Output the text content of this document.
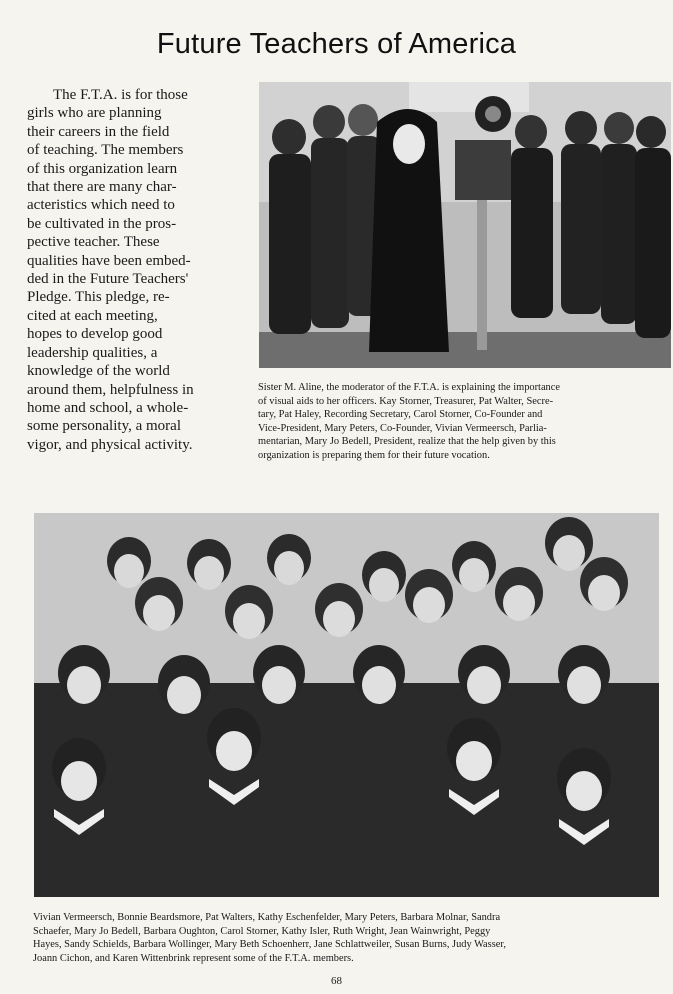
Future Teachers of America
The F.T.A. is for those
girls who are planning
their careers in the field
of teaching. The members
of this organization learn
that there are many char-
acteristics which need to
be cultivated in the pros-
pective teacher. These
qualities have been embed-
ded in the Future Teachers'
Pledge. This pledge, re-
cited at each meeting,
hopes to develop good
leadership qualities, a
knowledge of the world
around them, helpfulness in
home and school, a whole-
some personality, a moral
vigor, and physical activity.
Sister M. Aline, the moderator of the F.T.A. is explaining the importance
of visual aids to her officers. Kay Storner, Treasurer, Pat Walter, Secre-
tary, Pat Haley, Recording Secretary, Carol Storner, Co-Founder and
Vice-President, Mary Peters, Co-Founder, Vivian Vermeersch, Parlia-
mentarian, Mary Jo Bedell, President, realize that the help given by this
organization is preparing them for their future vocation.
Vivian Vermeersch, Bonnie Beardsmore, Pat Walters, Kathy Eschenfelder, Mary Peters, Barbara Molnar, Sandra
Schaefer, Mary Jo Bedell, Barbara Oughton, Carol Storner, Kathy Isler, Ruth Wright, Jean Wainwright, Peggy
Hayes, Sandy Schields, Barbara Wollinger, Mary Beth Schoenherr, Jane Schlattweiler, Susan Burns, Judy Wasser,
Joann Cichon, and Karen Wittenbrink represent some of the F.T.A. members.
68
